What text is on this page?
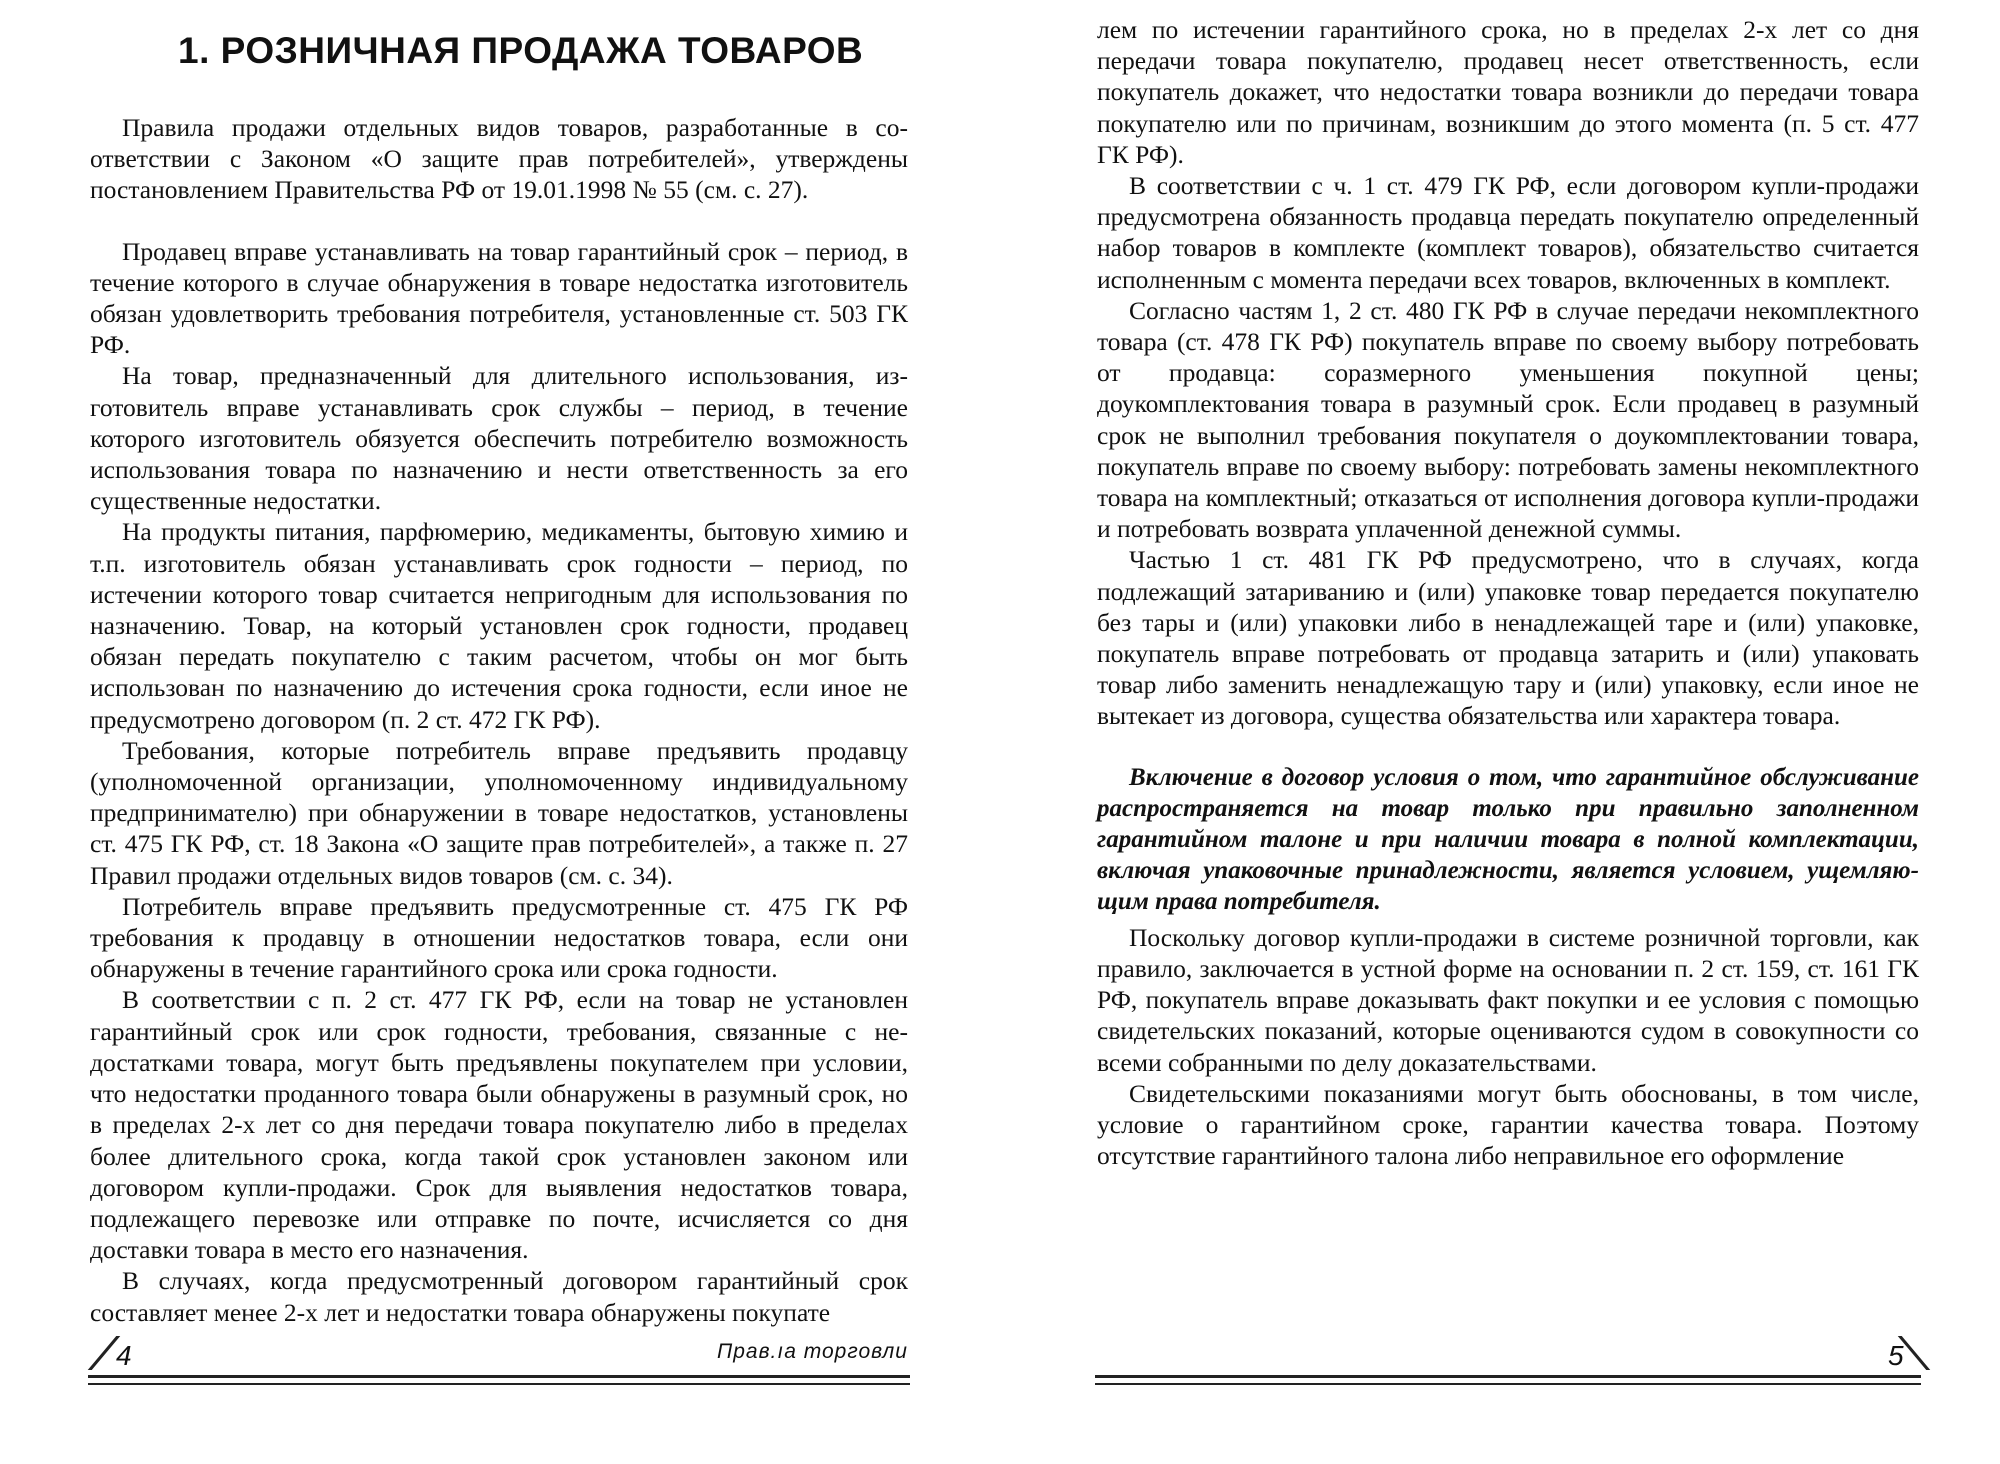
1. РОЗНИЧНАЯ ПРОДАЖА ТОВАРОВ

Правила продажи отдельных видов товаров, разработанные в соответствии с Законом «О защите прав потребителей», утверждены постановлением Правительства РФ от 19.01.1998 № 55 (см. с. 27).

Продавец вправе устанавливать на товар гарантийный срок – период, в течение которого в случае обнаружения в товаре недостатка изготовитель обязан удовлетворить требования потребителя, установленные ст. 503 ГК РФ.

На товар, предназначенный для длительного использования, изготовитель вправе устанавливать срок службы – период, в течение которого изготовитель обязуется обеспечить потребителю возможность использования товара по назначению и нести ответственность за его существенные недостатки.

На продукты питания, парфюмерию, медикаменты, бытовую химию и т.п. изготовитель обязан устанавливать срок годности – период, по истечении которого товар считается непригодным для использования по назначению. Товар, на который установлен срок годности, продавец обязан передать покупателю с таким расчетом, чтобы он мог быть использован по назначению до истечения срока годности, если иное не предусмотрено договором (п. 2 ст. 472 ГК РФ).

Требования, которые потребитель вправе предъявить продавцу (уполномоченной организации, уполномоченному индивидуальному предпринимателю) при обнаружении в товаре недостатков, установлены ст. 475 ГК РФ, ст. 18 Закона «О защите прав потребителей», а также п. 27 Правил продажи отдельных видов товаров (см. с. 34).

Потребитель вправе предъявить предусмотренные ст. 475 ГК РФ требования к продавцу в отношении недостатков товара, если они обнаружены в течение гарантийного срока или срока годности.

В соответствии с п. 2 ст. 477 ГК РФ, если на товар не установлен гарантийный срок или срок годности, требования, связанные с недостатками товара, могут быть предъявлены покупателем при условии, что недостатки проданного товара были обнаружены в разумный срок, но в пределах 2-х лет со дня передачи товара покупателю либо в пределах более длительного срока, когда такой срок установлен законом или договором купли-продажи. Срок для выявления недостатков товара, подлежащего перевозке или отправке по почте, исчисляется со дня доставки товара в место его назначения.

В случаях, когда предусмотренный договором гарантийный срок составляет менее 2-х лет и недостатки товара обнаружены покупате

4	Прав.ıа торговли

лем по истечении гарантийного срока, но в пределах 2-х лет со дня передачи товара покупателю, продавец несет ответственность, если покупатель докажет, что недостатки товара возникли до передачи товара покупателю или по причинам, возникшим до этого момента (п. 5 ст. 477 ГК РФ).

В соответствии с ч. 1 ст. 479 ГК РФ, если договором купли-продажи предусмотрена обязанность продавца передать покупателю определенный набор товаров в комплекте (комплект товаров), обязательство считается исполненным с момента передачи всех товаров, включенных в комплект.

Согласно частям 1, 2 ст. 480 ГК РФ в случае передачи некомплектного товара (ст. 478 ГК РФ) покупатель вправе по своему выбору потребовать от продавца: соразмерного уменьшения покупной цены; доукомплектования товара в разумный срок. Если продавец в разумный срок не выполнил требования покупателя о доукомплектовании товара, покупатель вправе по своему выбору: потребовать замены некомплектного товара на комплектный; отказаться от исполнения договора купли-продажи и потребовать возврата уплаченной денежной суммы.

Частью 1 ст. 481 ГК РФ предусмотрено, что в случаях, когда подлежащий затариванию и (или) упаковке товар передается покупателю без тары и (или) упаковки либо в ненадлежащей таре и (или) упаковке, покупатель вправе потребовать от продавца затарить и (или) упаковать товар либо заменить ненадлежащую тару и (или) упаковку, если иное не вытекает из договора, существа обязательства или характера товара.

Включение в договор условия о том, что гарантийное обслуживание распространяется на товар только при правильно заполненном гарантийном талоне и при наличии товара в полной комплектации, включая упаковочные принадлежности, является условием, ущемляющим права потребителя.

Поскольку договор купли-продажи в системе розничной торговли, как правило, заключается в устной форме на основании п. 2 ст. 159, ст. 161 ГК РФ, покупатель вправе доказывать факт покупки и ее условия с помощью свидетельских показаний, которые оцениваются судом в совокупности со всеми собранными по делу доказательствами.

Свидетельскими показаниями могут быть обоснованы, в том числе, условие о гарантийном сроке, гарантии качества товара. Поэтому отсутствие гарантийного талона либо неправильное его оформление

5
